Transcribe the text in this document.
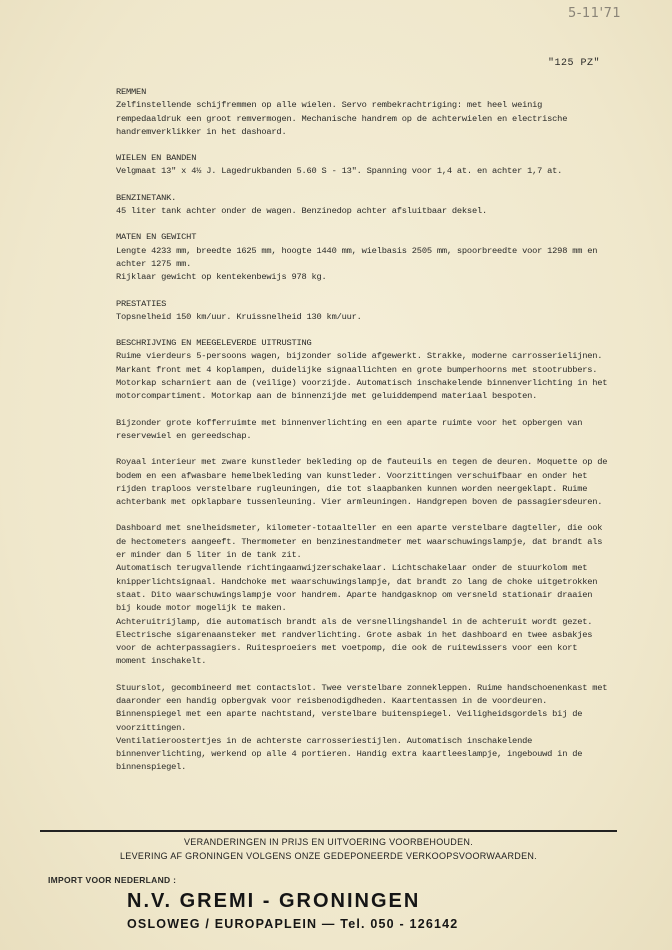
5-11'71
"125 PZ"
REMMEN
Zelfinstellende schijfremmen op alle wielen. Servo rembekrachtriging: met heel weinig rempedaaldruk een groot remvermogen. Mechanische handrem op de achterwielen en electrische handremverklikker in het dashoard.
WIELEN EN BANDEN
Velgmaat 13" x 4½ J. Lagedrukbanden 5.60 S - 13". Spanning voor 1,4 at. en achter 1,7 at.
BENZINETANK.
45 liter tank achter onder de wagen. Benzinedop achter afsluitbaar deksel.
MATEN EN GEWICHT
Lengte 4233 mm, breedte 1625 mm, hoogte 1440 mm, wielbasis 2505 mm, spoorbreedte voor 1298 mm en achter 1275 mm.
Rijklaar gewicht op kentekenbewijs 978 kg.
PRESTATIES
Topsnelheid 150 km/uur. Kruissnelheid 130 km/uur.
BESCHRIJVING EN MEEGELEVERDE UITRUSTING
Ruime vierdeurs 5-persoons wagen, bijzonder solide afgewerkt. Strakke, moderne carrosserielijnen. Markant front met 4 koplampen, duidelijke signaallichten en grote bumperhoorns met stootrubbers.
Motorkap scharniert aan de (veilige) voorzijde. Automatisch inschakelende binnenverlichting in het motorcompartiment. Motorkap aan de binnenzijde met geluiddempend materiaal bespoten.
Bijzonder grote kofferruimte met binnenverlichting en een aparte ruimte voor het opbergen van reservewiel en gereedschap.
Royaal interieur met zware kunstleder bekleding op de fauteuils en tegen de deuren. Moquette op de bodem en een afwasbare hemelbekleding van kunstleder. Voorzittingen verschuifbaar en onder het rijden traploos verstelbare rugleuningen, die tot slaapbanken kunnen worden neergeklapt. Ruime achterbank met opklapbare tussenleuning. Vier armleuningen. Handgrepen boven de passagiersdeuren.
Dashboard met snelheidsmeter, kilometer-totaalteller en een aparte verstelbare dagteller, die ook de hectometers aangeeft. Thermometer en benzinestandmeter met waarschuwingslampje, dat brandt als er minder dan 5 liter in de tank zit.
Automatisch terugvallende richtingaanwijzerschakelaar. Lichtschakelaar onder de stuurkolom met knipperlichtsignaal. Handchoke met waarschuwingslampje, dat brandt zo lang de choke uitgetrokken staat. Dito waarschuwingslampje voor handrem. Aparte handgasknop om versneld stationair draaien bij koude motor mogelijk te maken.
Achteruitrijlamp, die automatisch brandt als de versnellingshandel in de achteruit wordt gezet.
Electrische sigarenaansteker met randverlichting. Grote asbak in het dashboard en twee asbakjes voor de achterpassagiers. Ruitesproeiers met voetpomp, die ook de ruitewissers voor een kort moment inschakelt.
Stuurslot, gecombineerd met contactslot. Twee verstelbare zonnekleppen. Ruime handschoenenkast met daaronder een handig opbergvak voor reisbenodigdheden. Kaartentassen in de voordeuren. Binnenspiegel met een aparte nachtstand, verstelbare buitenspiegel. Veiligheidsgordels bij de voorzittingen.
Ventilatieroostertjes in de achterste carrosseriestijlen. Automatisch inschakelende binnenverlichting, werkend op alle 4 portieren. Handig extra kaartleeslampje, ingebouwd in de binnenspiegel.
VERANDERINGEN IN PRIJS EN UITVOERING VOORBEHOUDEN.
LEVERING AF GRONINGEN VOLGENS ONZE GEDEPONEERDE VERKOOPSVOORWAARDEN.
IMPORT VOOR NEDERLAND :
N.V. GREMI - GRONINGEN
OSLOWEG / EUROPAPLEIN — Tel. 050 - 126142
